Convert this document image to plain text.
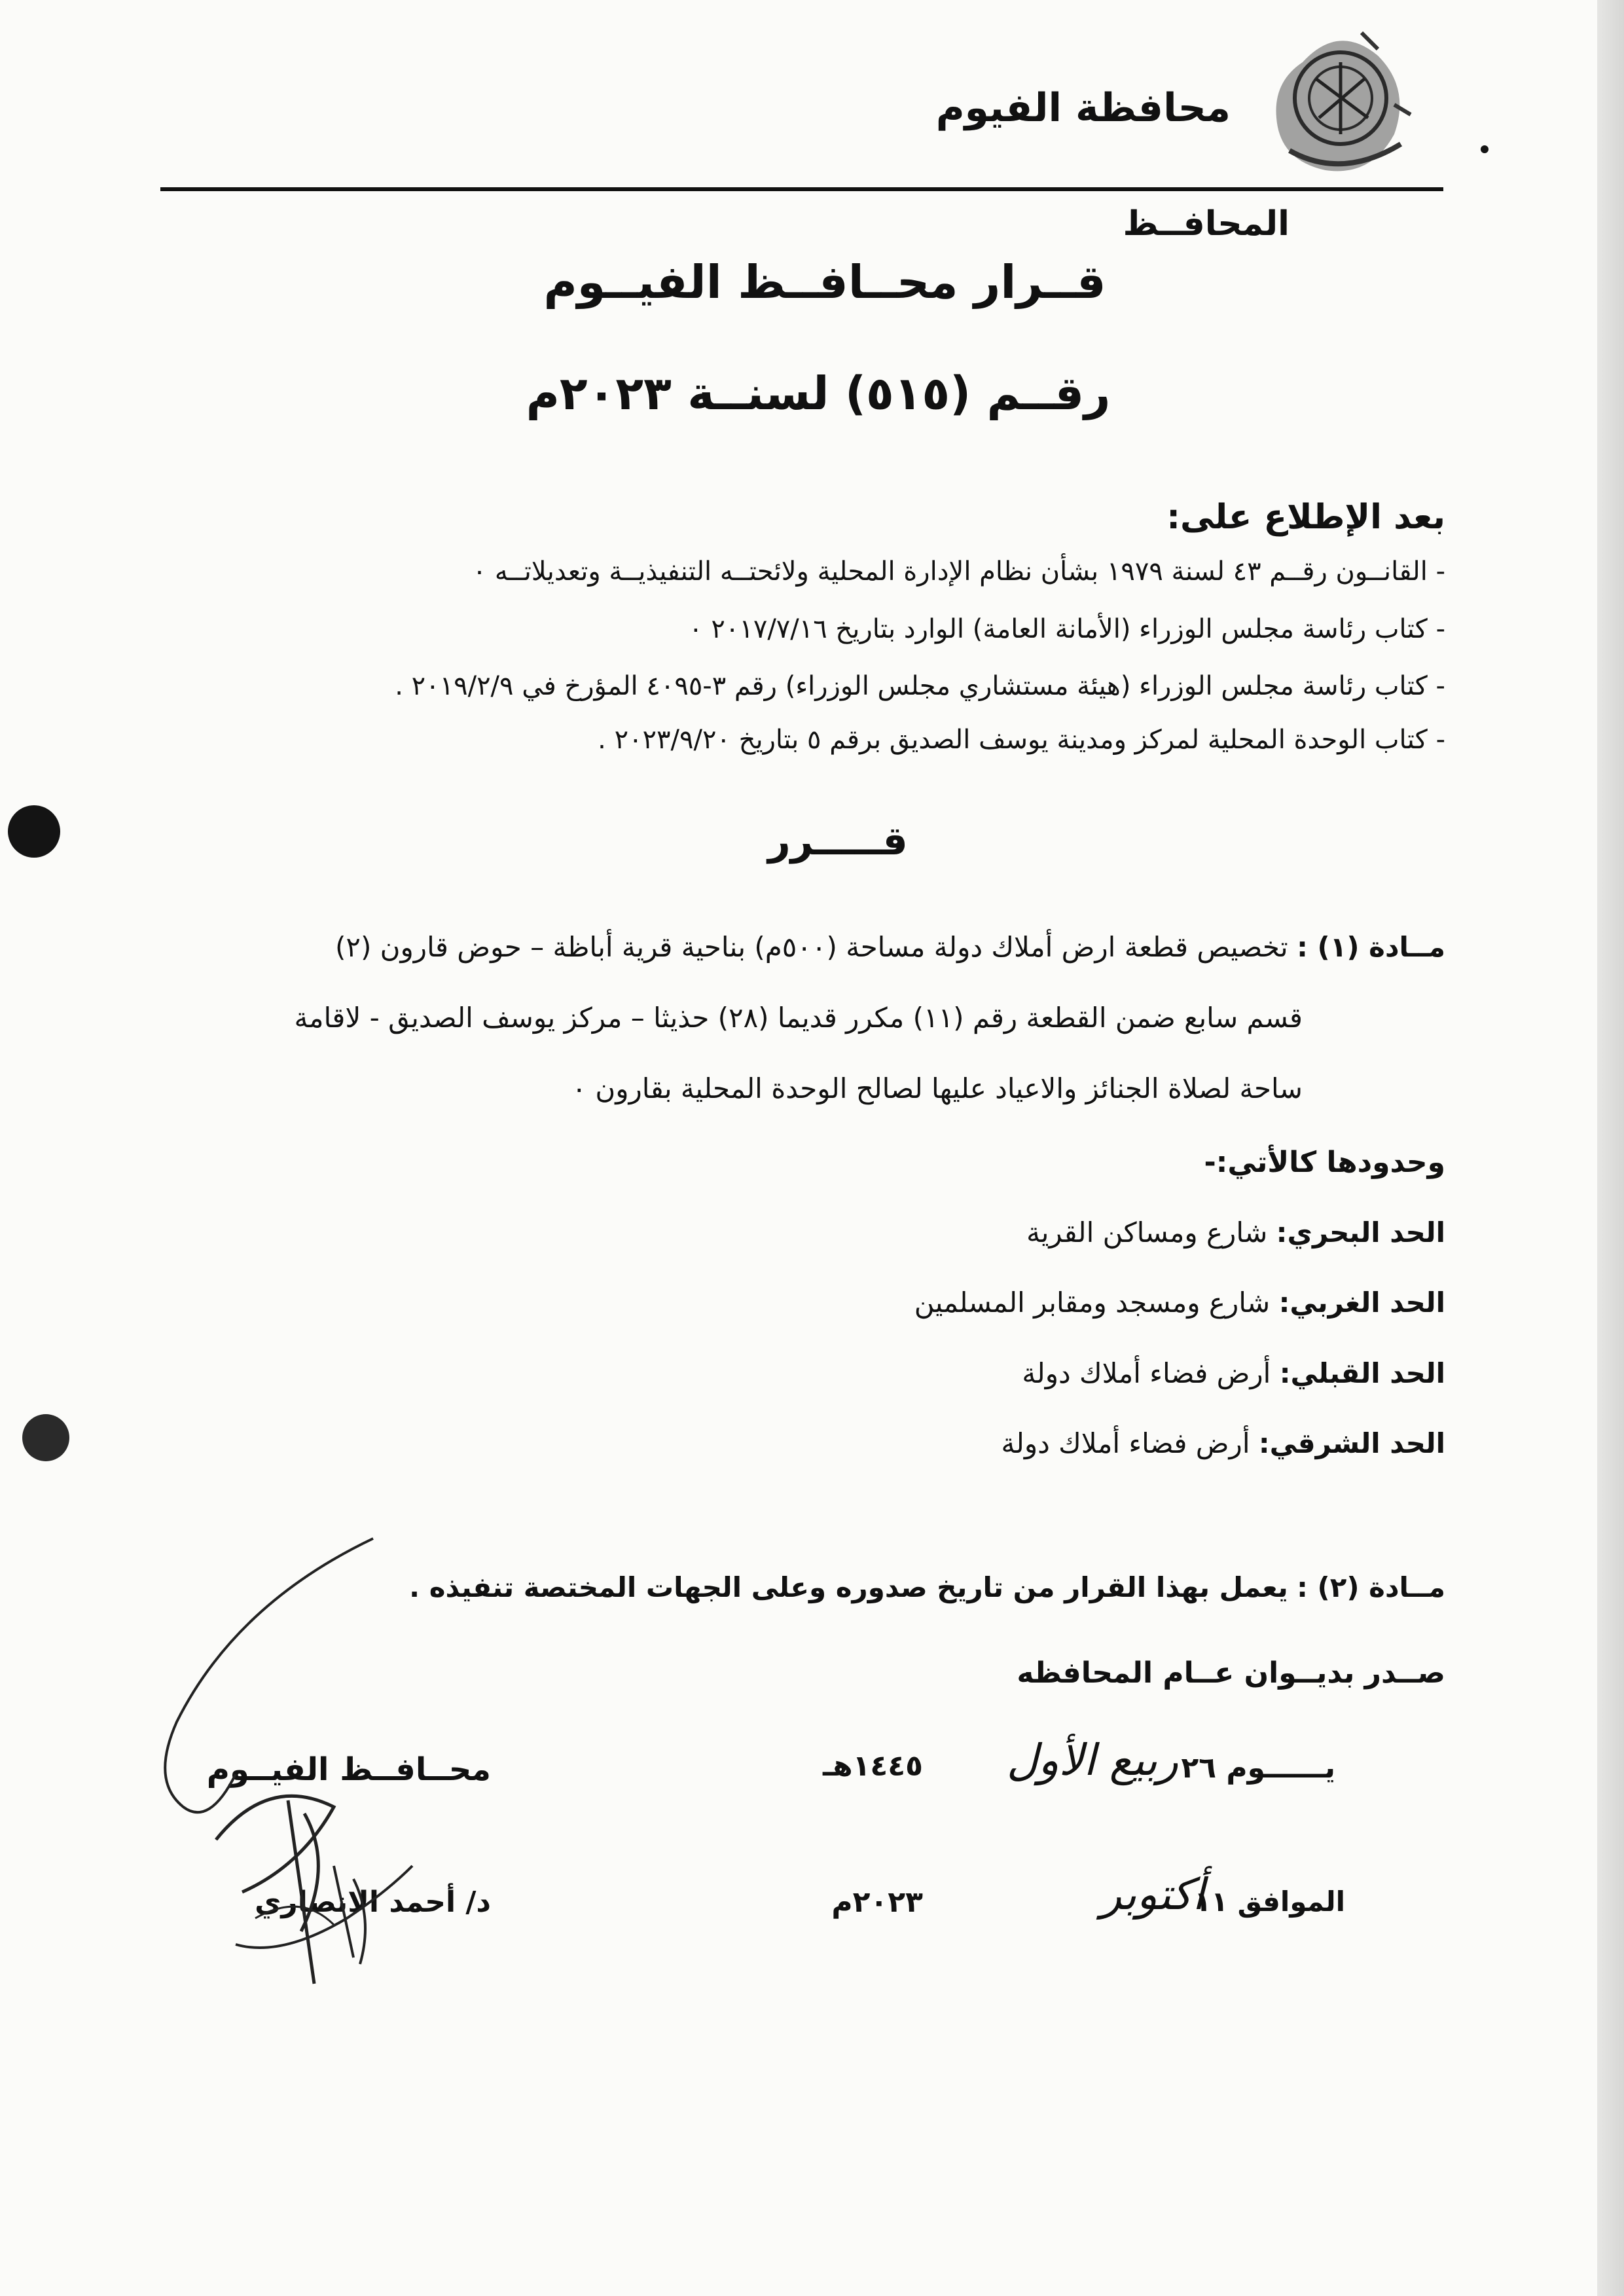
محافظة الفيوم
المحافــظ
قــرار محــافــظ الفيــوم
رقــم (٥١٥) لسنــة ٢٠٢٣م
بعد الإطلاع على:
- القانــون رقــم ٤٣ لسنة ١٩٧٩ بشأن نظام الإدارة المحلية ولائحتــه التنفيذيــة وتعديلاتــه ٠
- كتاب رئاسة مجلس الوزراء (الأمانة العامة) الوارد بتاريخ ٢٠١٧/٧/١٦ ٠
- كتاب رئاسة مجلس الوزراء (هيئة مستشاري مجلس الوزراء) رقم ٣-٤٠٩٥ المؤرخ في ٢٠١٩/٢/٩ .
- كتاب الوحدة المحلية لمركز ومدينة يوسف الصديق برقم ٥ بتاريخ ٢٠٢٣/٩/٢٠ .
قـــــرر
مــادة (١) : تخصيص قطعة ارض أملاك دولة مساحة (٥٠٠م) بناحية قرية أباظة – حوض قارون (٢)
قسم سابع ضمن القطعة رقم (١١) مكرر قديما (٢٨) حذيثا – مركز يوسف الصديق - لاقامة
ساحة لصلاة الجنائز والاعياد عليها لصالح الوحدة المحلية بقارون ٠
وحدودها كالأتي:-
الحد البحري: شارع ومساكن القرية
الحد الغربي: شارع ومسجد ومقابر المسلمين
الحد القبلي: أرض فضاء أملاك دولة
الحد الشرقي: أرض فضاء أملاك دولة
مــادة (٢) : يعمل بهذا القرار من تاريخ صدوره وعلى الجهات المختصة تنفيذه .
صــدر بديــوان عــام المحافظه
يــــــوم ٢٦
ربيع الأول
١٤٤٥هـ
الموافق ١١
أكتوبر
٢٠٢٣م
محــافــظ الفيــوم
د/ أحمد الانصاري
